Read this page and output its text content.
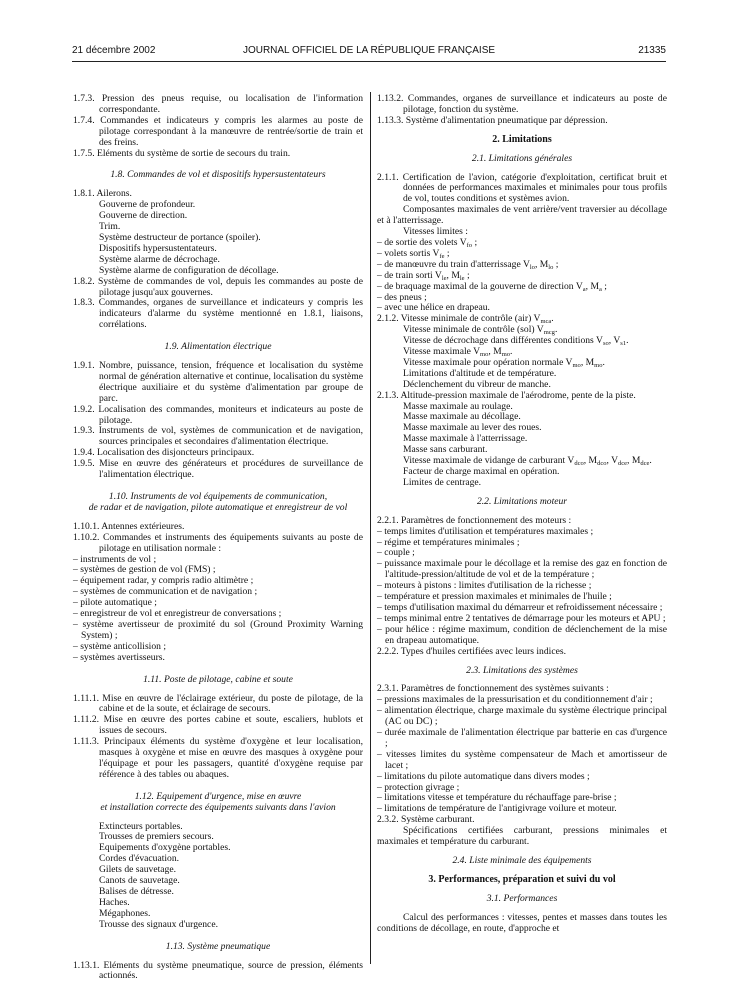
21 décembre 2002	JOURNAL OFFICIEL DE LA RÉPUBLIQUE FRANÇAISE	21335

1.7.3. Pression des pneus requise, ou localisation de l'information correspondante.

1.7.4. Commandes et indicateurs y compris les alarmes au poste de pilotage correspondant à la manœuvre de rentrée/sortie de train et des freins.

1.7.5. Eléments du système de sortie de secours du train.

1.8. Commandes de vol et dispositifs hypersustentateurs

1.8.1. Ailerons.

Gouverne de profondeur.

Gouverne de direction.

Trim.

Système destructeur de portance (spoiler).

Dispositifs hypersustentateurs.

Système alarme de décrochage.

Système alarme de configuration de décollage.

1.8.2. Système de commandes de vol, depuis les commandes au poste de pilotage jusqu'aux gouvernes.

1.8.3. Commandes, organes de surveillance et indicateurs y compris les indicateurs d'alarme du système mentionné en 1.8.1, liaisons, corrélations.

1.9. Alimentation électrique

1.9.1. Nombre, puissance, tension, fréquence et localisation du système normal de génération alternative et continue, localisation du système électrique auxiliaire et du système d'alimentation par groupe de parc.

1.9.2. Localisation des commandes, moniteurs et indicateurs au poste de pilotage.

1.9.3. Instruments de vol, systèmes de communication et de navigation, sources principales et secondaires d'alimentation électrique.

1.9.4. Localisation des disjoncteurs principaux.

1.9.5. Mise en œuvre des générateurs et procédures de surveillance de l'alimentation électrique.

1.10. Instruments de vol équipements de communication,

de radar et de navigation, pilote automatique et enregistreur de vol

1.10.1. Antennes extérieures.

1.10.2. Commandes et instruments des équipements suivants au poste de pilotage en utilisation normale :

– instruments de vol ;

– systèmes de gestion de vol (FMS) ;

– équipement radar, y compris radio altimètre ;

– systèmes de communication et de navigation ;

– pilote automatique ;

– enregistreur de vol et enregistreur de conversations ;

– système avertisseur de proximité du sol (Ground Proximity Warning System) ;

– système anticollision ;

– systèmes avertisseurs.

1.11. Poste de pilotage, cabine et soute

1.11.1. Mise en œuvre de l'éclairage extérieur, du poste de pilotage, de la cabine et de la soute, et éclairage de secours.

1.11.2. Mise en œuvre des portes cabine et soute, escaliers, hublots et issues de secours.

1.11.3. Principaux éléments du système d'oxygène et leur localisation, masques à oxygène et mise en œuvre des masques à oxygène pour l'équipage et pour les passagers, quantité d'oxygène requise par référence à des tables ou abaques.

1.12. Equipement d'urgence, mise en œuvre

et installation correcte des équipements suivants dans l'avion

Extincteurs portables.

Trousses de premiers secours.

Equipements d'oxygène portables.

Cordes d'évacuation.

Gilets de sauvetage.

Canots de sauvetage.

Balises de détresse.

Haches.

Mégaphones.

Trousse des signaux d'urgence.

1.13. Système pneumatique

1.13.1. Eléments du système pneumatique, source de pression, éléments actionnés.

1.13.2. Commandes, organes de surveillance et indicateurs au poste de pilotage, fonction du système.

1.13.3. Système d'alimentation pneumatique par dépression.

2. Limitations

2.1. Limitations générales

2.1.1. Certification de l'avion, catégorie d'exploitation, certificat bruit et données de performances maximales et minimales pour tous profils de vol, toutes conditions et systèmes avion.

Composantes maximales de vent arrière/vent traversier au décollage et à l'atterrissage.

Vitesses limites :

– de sortie des volets $V_{fo}$ ;

– volets sortis $V_{fe}$ ;

– de manœuvre du train d'atterrissage $V_{lo}$, $M_{lo}$ ;

– de train sorti $V_{le}$, $M_{le}$ ;

– de braquage maximal de la gouverne de direction $V_a$, $M_a$ ;

– des pneus ;

– avec une hélice en drapeau.

2.1.2. Vitesse minimale de contrôle (air) $V_{mca}$.

Vitesse minimale de contrôle (sol) $V_{mcg}$.

Vitesse de décrochage dans différentes conditions $V_{so}$, $V_{s1}$.

Vitesse maximale $V_{mo}$, $M_{mo}$.

Vitesse maximale pour opération normale $V_{mo}$, $M_{mo}$.

Limitations d'altitude et de température.

Déclenchement du vibreur de manche.

2.1.3. Altitude-pression maximale de l'aérodrome, pente de la piste.

Masse maximale au roulage.

Masse maximale au décollage.

Masse maximale au lever des roues.

Masse maximale à l'atterrissage.

Masse sans carburant.

Vitesse maximale de vidange de carburant $V_{dco}$, $M_{dco}$, $V_{dce}$, $M_{dce}$.

Facteur de charge maximal en opération.

Limites de centrage.

2.2. Limitations moteur

2.2.1. Paramètres de fonctionnement des moteurs :

– temps limites d'utilisation et températures maximales ;

– régime et températures minimales ;

– couple ;

– puissance maximale pour le décollage et la remise des gaz en fonction de l'altitude-pression/altitude de vol et de la température ;

– moteurs à pistons : limites d'utilisation de la richesse ;

– température et pression maximales et minimales de l'huile ;

– temps d'utilisation maximal du démarreur et refroidissement nécessaire ;

– temps minimal entre 2 tentatives de démarrage pour les moteurs et APU ;

– pour hélice : régime maximum, condition de déclenchement de la mise en drapeau automatique.

2.2.2. Types d'huiles certifiées avec leurs indices.

2.3. Limitations des systèmes

2.3.1. Paramètres de fonctionnement des systèmes suivants :

– pressions maximales de la pressurisation et du conditionnement d'air ;

– alimentation électrique, charge maximale du système électrique principal (AC ou DC) ;

– durée maximale de l'alimentation électrique par batterie en cas d'urgence ;

– vitesses limites du système compensateur de Mach et amortisseur de lacet ;

– limitations du pilote automatique dans divers modes ;

– protection givrage ;

– limitations vitesse et température du réchauffage pare-brise ;

– limitations de température de l'antigivrage voilure et moteur.

2.3.2. Système carburant.

Spécifications certifiées carburant, pressions minimales et maximales et température du carburant.

2.4. Liste minimale des équipements

3. Performances, préparation et suivi du vol

3.1. Performances

Calcul des performances : vitesses, pentes et masses dans toutes les conditions de décollage, en route, d'approche et
